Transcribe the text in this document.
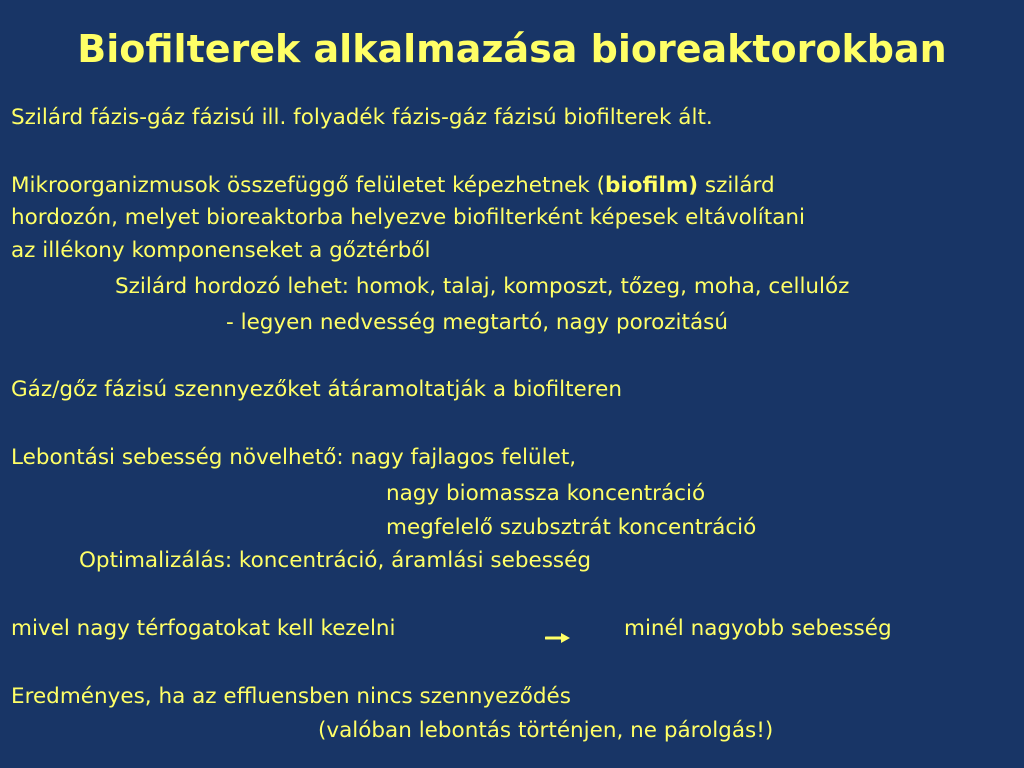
Biofilterek alkalmazása bioreaktorokban
Szilárd fázis-gáz fázisú ill. folyadék fázis-gáz fázisú biofilterek ált.
Mikroorganizmusok összefüggő felületet képezhetnek (biofilm) szilárd
hordozón, melyet bioreaktorba helyezve biofilterként képesek eltávolítani
az illékony komponenseket a gőztérből
Szilárd hordozó lehet: homok, talaj, komposzt, tőzeg, moha, cellulóz
- legyen nedvesség megtartó, nagy porozitású
Gáz/gőz fázisú szennyezőket átáramoltatják a biofilteren
Lebontási sebesség növelhető: nagy fajlagos felület,
nagy biomassza koncentráció
megfelelő szubsztrát koncentráció
Optimalizálás: koncentráció, áramlási sebesség
mivel nagy térfogatokat kell kezelni	minél nagyobb sebesség
Eredményes, ha az effluensben nincs szennyeződés
(valóban lebontás történjen, ne párolgás!)
